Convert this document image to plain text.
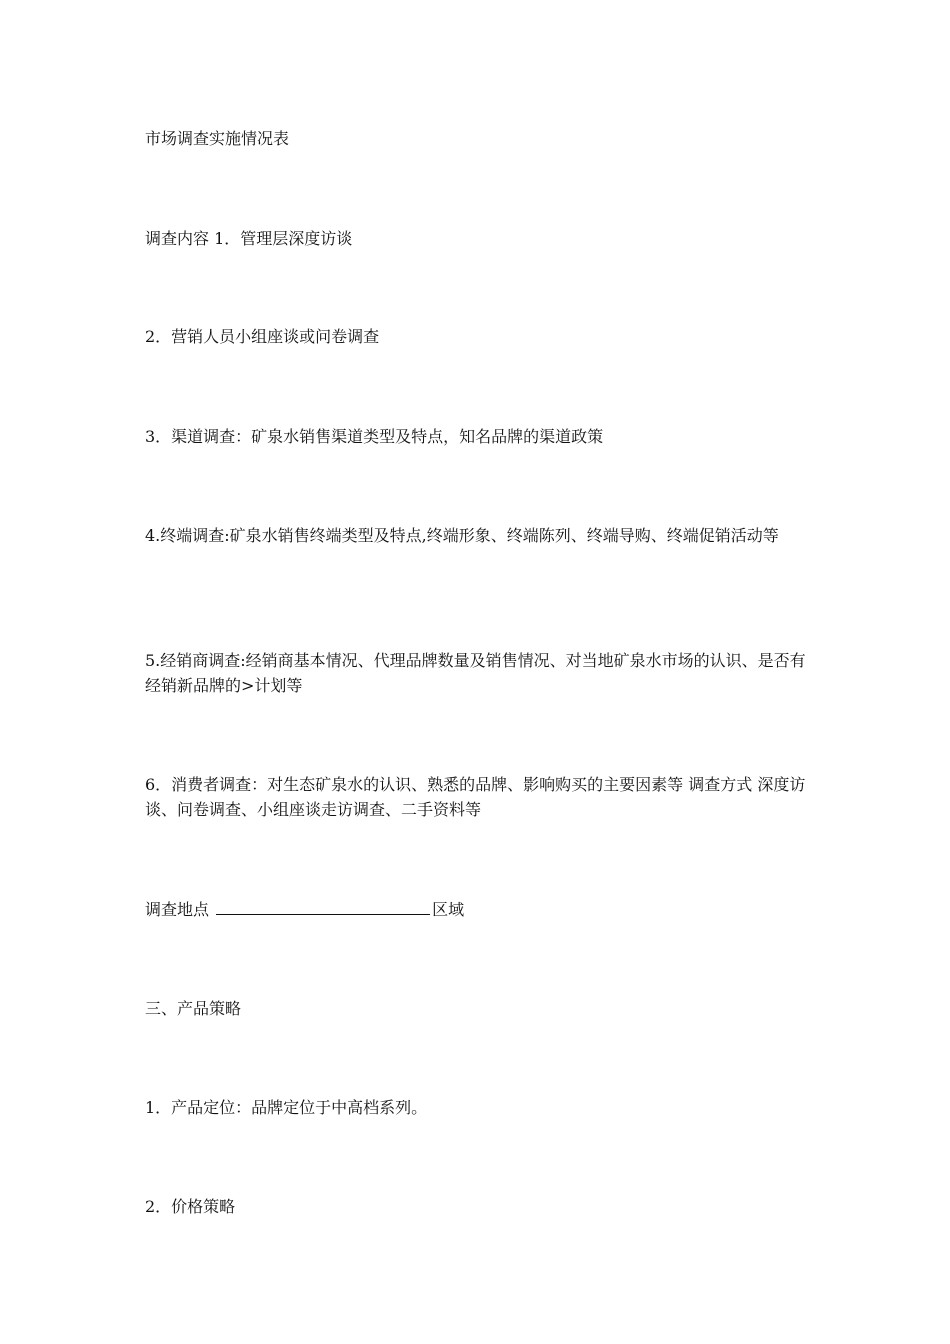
市场调查实施情况表

调查内容 1．管理层深度访谈

2．营销人员小组座谈或问卷调查

3．渠道调查：矿泉水销售渠道类型及特点，知名品牌的渠道政策

4.终端调查:矿泉水销售终端类型及特点,终端形象、终端陈列、终端导购、终端促销活动等

5.经销商调查:经销商基本情况、代理品牌数量及销售情况、对当地矿泉水市场的认识、是否有经销新品牌的>计划等

6．消费者调查：对生态矿泉水的认识、熟悉的品牌、影响购买的主要因素等 调查方式 深度访谈、问卷调查、小组座谈走访调查、二手资料等

调查地点	区域

三、产品策略

1．产品定位：品牌定位于中高档系列。

2．价格策略
